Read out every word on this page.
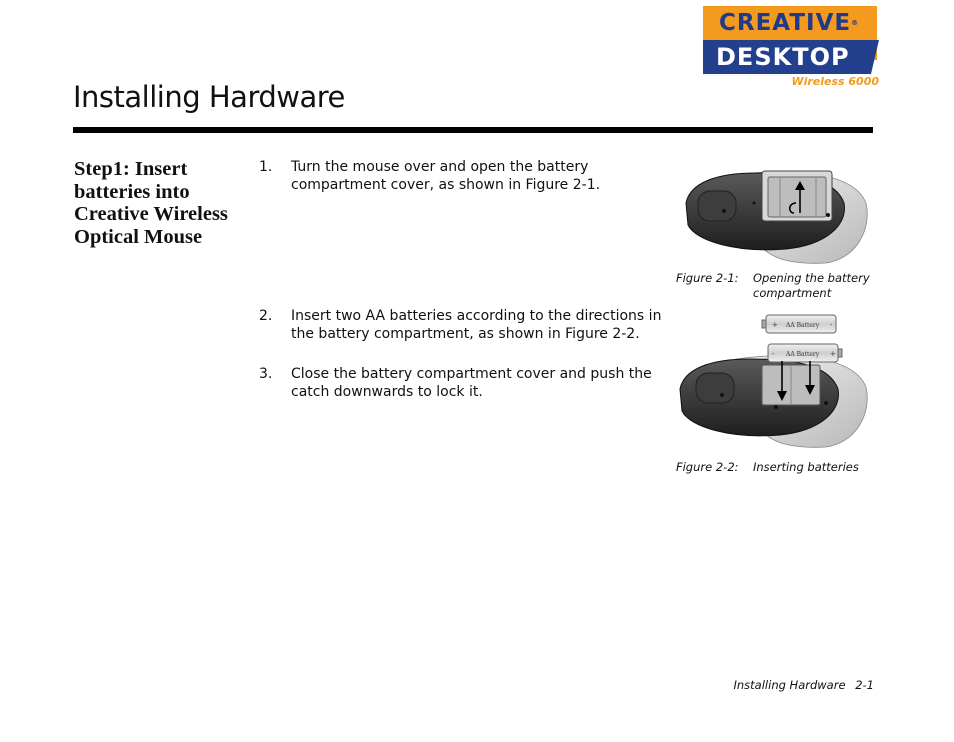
CREATIVE®
DESKTOP
Wireless 6000
Installing Hardware
Step1: Insert batteries into Creative Wireless Optical Mouse
1.	Turn the mouse over and open the battery compartment cover, as shown in Figure 2-1.
2.	Insert two AA batteries according to the directions in the battery compartment, as shown in Figure 2-2.
3.	Close the battery compartment cover and push the catch downwards to lock it.
Figure 2-1: Opening the battery compartment
+ AA Battery -
- AA Battery +
Figure 2-2: Inserting batteries
Installing Hardware 2-1
